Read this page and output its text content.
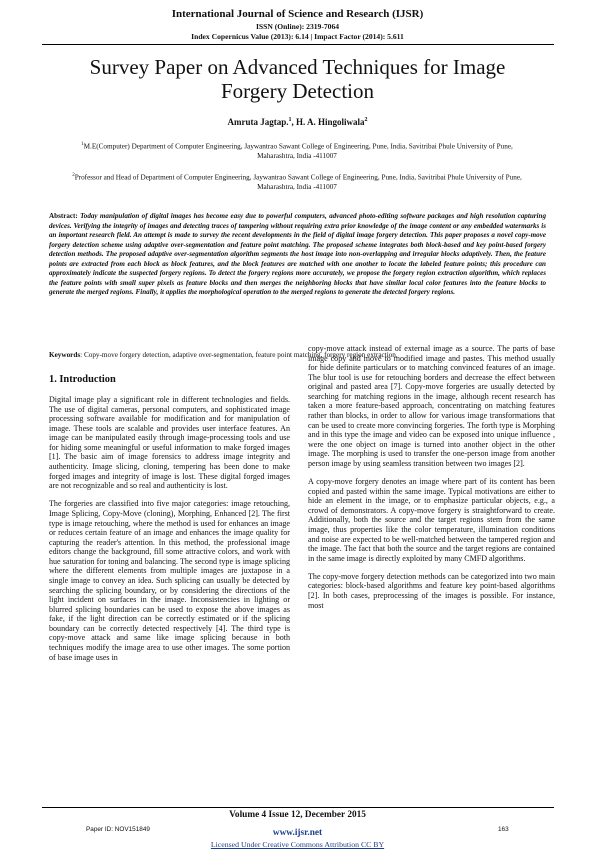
International Journal of Science and Research (IJSR)
ISSN (Online): 2319-7064
Index Copernicus Value (2013): 6.14 | Impact Factor (2014): 5.611
Survey Paper on Advanced Techniques for Image
Forgery Detection
Amruta Jagtap.$^1$, H. A. Hingoliwala$^2$
$^1$M.E(Computer) Department of Computer Engineering, Jaywantrao Sawant College of Engineering, Pune, India, Savitribai Phule University of Pune, Maharashtra, India -411007
$^2$Professor and Head of Department of Computer Engineering, Jaywantrao Sawant College of Engineering, Pune, India, Savitribai Phule University of Pune, Maharashtra, India -411007
Abstract: Today manipulation of digital images has become easy due to powerful computers, advanced photo-editing software packages and high resolution capturing devices. Verifying the integrity of images and detecting traces of tampering without requiring extra prior knowledge of the image content or any embedded watermarks is an important research field. An attempt is made to survey the recent developments in the field of digital image forgery detection. This paper proposes a novel copy-move forgery detection scheme using adaptive over-segmentation and feature point matching. The proposed scheme integrates both block-based and key point-based forgery detection methods. The proposed adaptive over-segmentation algorithm segments the host image into non-overlapping and irregular blocks adaptively. Then, the feature points are extracted from each block as block features, and the block features are matched with one another to locate the labeled feature points; this procedure can approximately indicate the suspected forgery regions. To detect the forgery regions more accurately, we propose the forgery region extraction algorithm, which replaces the feature points with small super pixels as feature blocks and then merges the neighboring blocks that have similar local color features into the feature blocks to generate the merged regions. Finally, it applies the morphological operation to the merged regions to generate the detected forgery regions.
Keywords: Copy-move forgery detection, adaptive over-segmentation, feature point matching, forgery region extraction.
1. Introduction

Digital image play a significant role in different technologies and fields. The use of digital cameras, personal computers, and sophisticated image processing software available for modification and for manipulation of image. These tools are scalable and provides user interface features. An image can be manipulated easily through image-processing tools and use for hiding some meaningful or useful information to make forged images [1]. The basic aim of image forensics to address image integrity and authenticity. Image slicing, cloning, tempering has been done to make forged images and integrity of image is lost. These digital forged images are not recognizable and so real and authenticity is lost.

The forgeries are classified into five major categories: image retouching, Image Splicing, Copy-Move (cloning), Morphing, Enhanced [2]. The first type is image retouching, where the method is used for enhances an image or reduces certain feature of an image and enhances the image quality for capturing the reader's attention. In this method, the professional image editors change the background, fill some attractive colors, and work with hue saturation for toning and balancing. The second type is image splicing where the different elements from multiple images are juxtapose in a single image to convey an idea. Such splicing can usually be detected by searching the splicing boundary, or by considering the directions of the light incident on surfaces in the image. Inconsistencies in lighting or blurred splicing boundaries can be used to expose the above images as fake, if the light direction can be correctly estimated or if the splicing boundary can be correctly detected respectively [4]. The third type is copy-move attack and same like image splicing because in both techniques modify the image area to use other images. The some portion of base image uses in

copy-move attack instead of external image as a source. The parts of base image copy and move to modified image and pastes. This method usually for hide definite particulars or to matching convinced features of an image. The blur tool is use for retouching borders and decrease the effect between original and pasted area [7]. Copy-move forgeries are usually detected by searching for matching regions in the image, although recent research has taken a more feature-based approach, concentrating on matching features rather than blocks, in order to allow for various image transformations that can be used to create more convincing forgeries. The forth type is Morphing and in this type the image and video can be exposed into unique influence , were the one object on image is turned into another object in the other image. The morphing is used to transfer the one-person image from another person image by using seamless transition between two images [2].

A copy-move forgery denotes an image where part of its content has been copied and pasted within the same image. Typical motivations are either to hide an element in the image, or to emphasize particular objects, e.g., a crowd of demonstrators. A copy-move forgery is straightforward to create. Additionally, both the source and the target regions stem from the same image, thus properties like the color temperature, illumination conditions and noise are expected to be well-matched between the tampered region and the image. The fact that both the source and the target regions are contained in the same image is directly exploited by many CMFD algorithms.

The copy-move forgery detection methods can be categorized into two main categories: block-based algorithms and feature key point-based algorithms [2]. In both cases, preprocessing of the images is possible. For instance, most

Volume 4 Issue 12, December 2015
www.ijsr.net
Licensed Under Creative Commons Attribution CC BY
Paper ID: NOV151849	163
